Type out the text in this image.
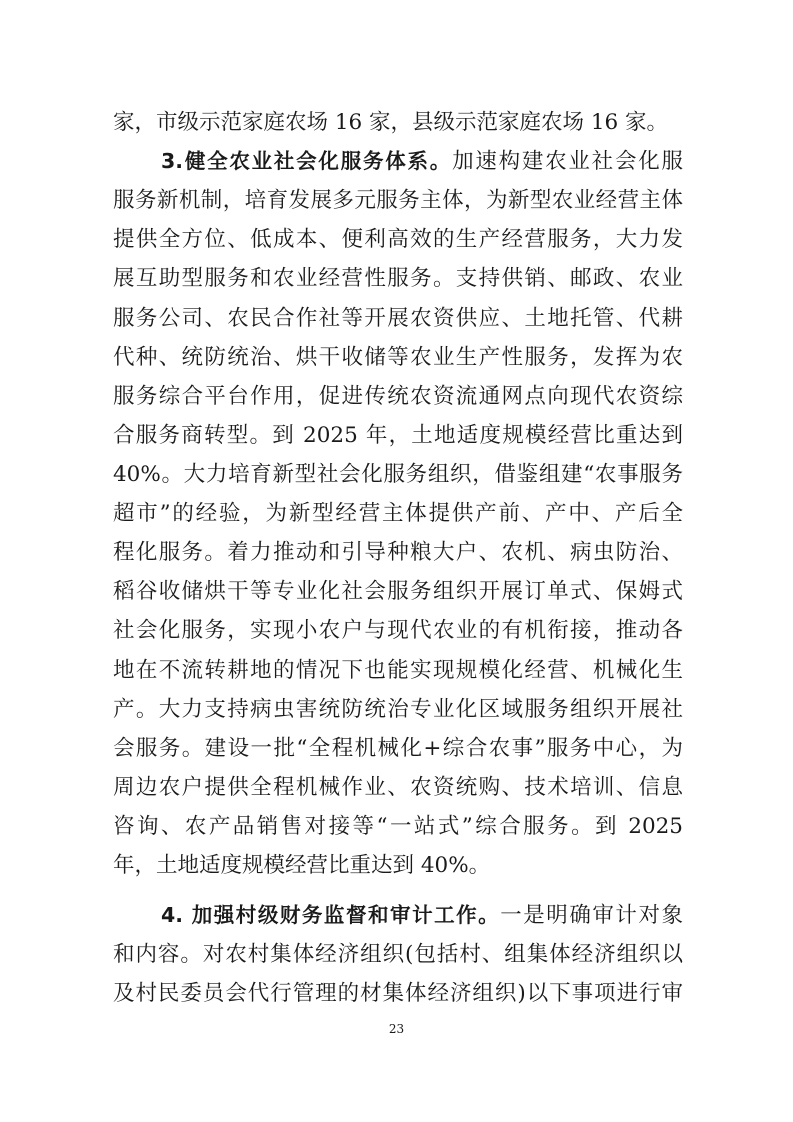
家，市级示范家庭农场 16 家，县级示范家庭农场 16 家。
3.健全农业社会化服务体系。加速构建农业社会化服
服务新机制，培育发展多元服务主体，为新型农业经营主体
提供全方位、低成本、便利高效的生产经营服务，大力发
展互助型服务和农业经营性服务。支持供销、邮政、农业
服务公司、农民合作社等开展农资供应、土地托管、代耕
代种、统防统治、烘干收储等农业生产性服务，发挥为农
服务综合平台作用，促进传统农资流通网点向现代农资综
合服务商转型。到 2025 年，土地适度规模经营比重达到
40%。大力培育新型社会化服务组织，借鉴组建“农事服务
超市”的经验，为新型经营主体提供产前、产中、产后全
程化服务。着力推动和引导种粮大户、农机、病虫防治、
稻谷收储烘干等专业化社会服务组织开展订单式、保姆式
社会化服务，实现小农户与现代农业的有机衔接，推动各
地在不流转耕地的情况下也能实现规模化经营、机械化生
产。大力支持病虫害统防统治专业化区域服务组织开展社
会服务。建设一批“全程机械化+综合农事”服务中心，为
周边农户提供全程机械作业、农资统购、技术培训、信息
咨询、农产品销售对接等“一站式”综合服务。到 2025
年，土地适度规模经营比重达到 40%。
4. 加强村级财务监督和审计工作。一是明确审计对象
和内容。对农村集体经济组织(包括村、组集体经济组织以
及村民委员会代行管理的材集体经济组织)以下事项进行审
23
